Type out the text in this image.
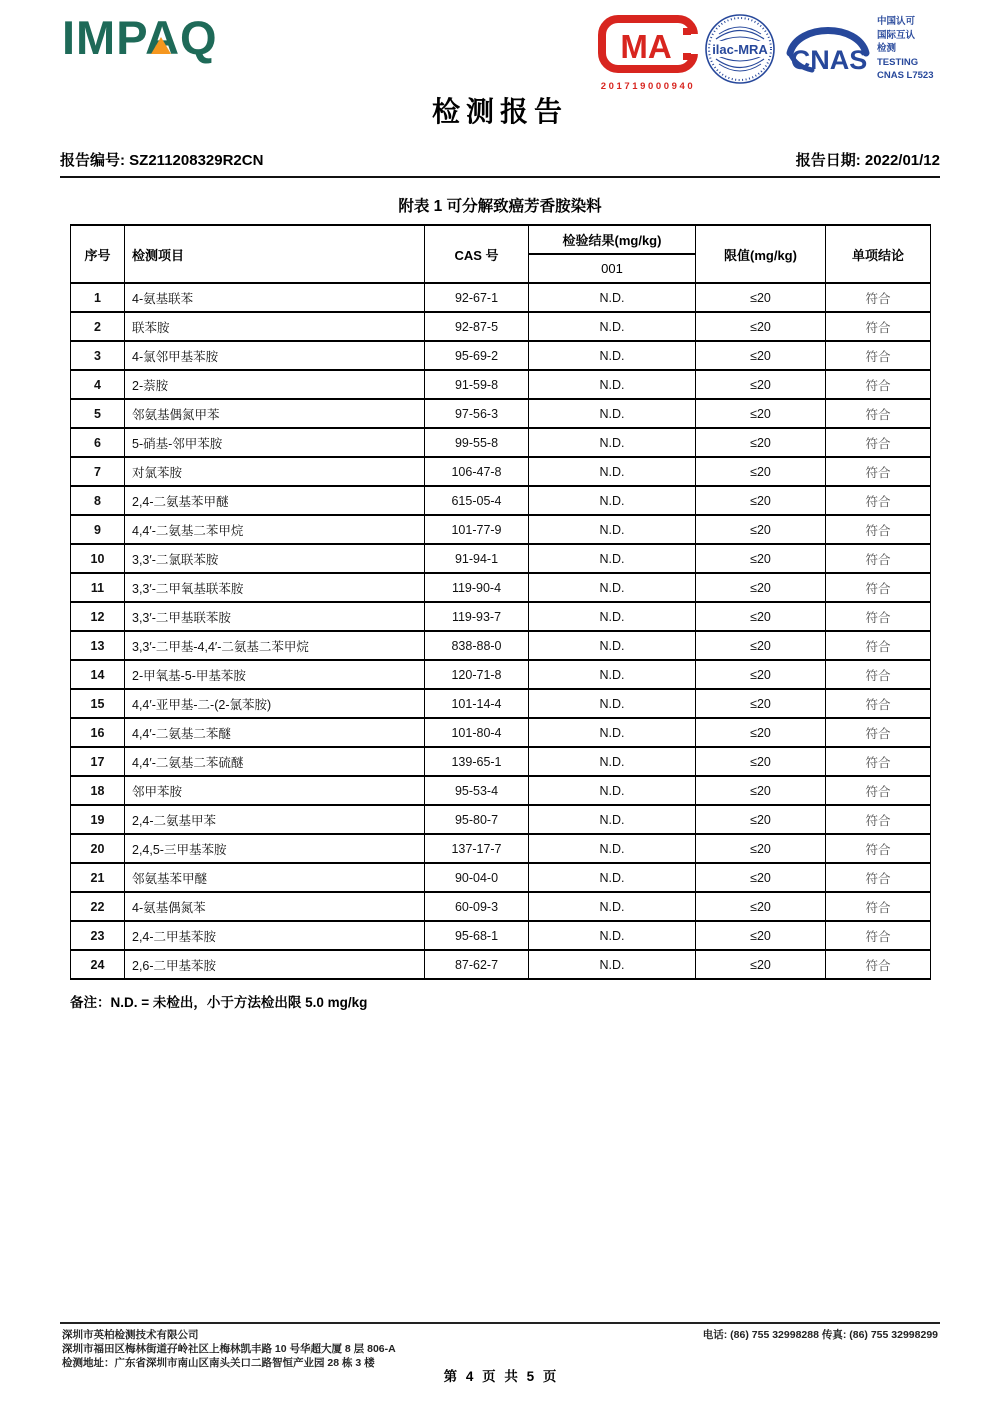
IMPAQ	MA
201719000940
ilac-MRA CNAS
中国认可
国际互认
检测
TESTING
CNAS L7523
检测报告
报告编号: SZ211208329R2CN	报告日期: 2022/01/12
附表 1 可分解致癌芳香胺染料
序号	检测项目	CAS 号	检验结果(mg/kg)	限值(mg/kg)	单项结论
			001		
1	4-氨基联苯	92-67-1	N.D.	≤20	符合
2	联苯胺	92-87-5	N.D.	≤20	符合
3	4-氯邻甲基苯胺	95-69-2	N.D.	≤20	符合
4	2-萘胺	91-59-8	N.D.	≤20	符合
5	邻氨基偶氮甲苯	97-56-3	N.D.	≤20	符合
6	5-硝基-邻甲苯胺	99-55-8	N.D.	≤20	符合
7	对氯苯胺	106-47-8	N.D.	≤20	符合
8	2,4-二氨基苯甲醚	615-05-4	N.D.	≤20	符合
9	4,4′-二氨基二苯甲烷	101-77-9	N.D.	≤20	符合
10	3,3′-二氯联苯胺	91-94-1	N.D.	≤20	符合
11	3,3′-二甲氧基联苯胺	119-90-4	N.D.	≤20	符合
12	3,3′-二甲基联苯胺	119-93-7	N.D.	≤20	符合
13	3,3′-二甲基-4,4′-二氨基二苯甲烷	838-88-0	N.D.	≤20	符合
14	2-甲氧基-5-甲基苯胺	120-71-8	N.D.	≤20	符合
15	4,4′-亚甲基-二-(2-氯苯胺)	101-14-4	N.D.	≤20	符合
16	4,4′-二氨基二苯醚	101-80-4	N.D.	≤20	符合
17	4,4′-二氨基二苯硫醚	139-65-1	N.D.	≤20	符合
18	邻甲苯胺	95-53-4	N.D.	≤20	符合
19	2,4-二氨基甲苯	95-80-7	N.D.	≤20	符合
20	2,4,5-三甲基苯胺	137-17-7	N.D.	≤20	符合
21	邻氨基苯甲醚	90-04-0	N.D.	≤20	符合
22	4-氨基偶氮苯	60-09-3	N.D.	≤20	符合
23	2,4-二甲基苯胺	95-68-1	N.D.	≤20	符合
24	2,6-二甲基苯胺	87-62-7	N.D.	≤20	符合
备注：N.D. = 未检出，小于方法检出限 5.0 mg/kg
深圳市英柏检测技术有限公司	电话: (86) 755 32998288 传真: (86) 755 32998299
深圳市福田区梅林街道孖岭社区上梅林凯丰路 10 号华超大厦 8 层 806-A
检测地址：广东省深圳市南山区南头关口二路智恒产业园 28 栋 3 楼
第 4 页 共 5 页
